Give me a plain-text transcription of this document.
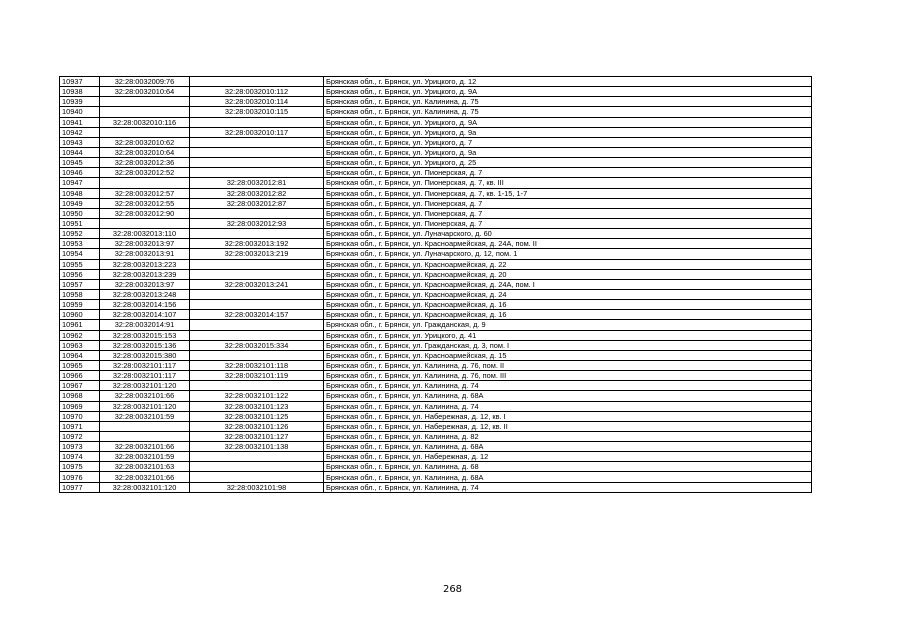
10937	32:28:0032009:76		Брянская обл., г. Брянск, ул. Урицкого, д. 12
10938	32:28:0032010:64	32:28:0032010:112	Брянская обл., г. Брянск, ул. Урицкого, д. 9А
10939		32:28:0032010:114	Брянская обл., г. Брянск, ул. Калинина, д. 75
10940		32:28:0032010:115	Брянская обл., г. Брянск, ул. Калинина, д. 75
10941	32:28:0032010:116		Брянская обл., г. Брянск, ул. Урицкого, д. 9А
10942		32:28:0032010:117	Брянская обл., г. Брянск, ул. Урицкого, д. 9а
10943	32:28:0032010:62		Брянская обл., г. Брянск, ул. Урицкого, д. 7
10944	32:28:0032010:64		Брянская обл., г. Брянск, ул. Урицкого, д. 9а
10945	32:28:0032012:36		Брянская обл., г. Брянск, ул. Урицкого, д. 25
10946	32:28:0032012:52		Брянская обл., г. Брянск, ул. Пионерская, д. 7
10947		32:28:0032012:81	Брянская обл., г. Брянск, ул. Пионерская, д. 7, кв. III
10948	32:28:0032012:57	32:28:0032012:82	Брянская обл., г. Брянск, ул. Пионерская, д. 7, кв. 1-15, 1-7
10949	32:28:0032012:55	32:28:0032012:87	Брянская обл., г. Брянск, ул. Пионерская, д. 7
10950	32:28:0032012:90		Брянская обл., г. Брянск, ул. Пионерская, д. 7
10951		32:28:0032012:93	Брянская обл., г. Брянск, ул. Пионерская, д. 7
10952	32:28:0032013:110		Брянская обл., г. Брянск, ул. Луначарского, д. 60
10953	32:28:0032013:97	32:28:0032013:192	Брянская обл., г. Брянск, ул. Красноармейская, д. 24А, пом. II
10954	32:28:0032013:91	32:28:0032013:219	Брянская обл., г. Брянск, ул. Луначарского, д. 12, пом. 1
10955	32:28:0032013:223		Брянская обл., г. Брянск, ул. Красноармейская, д. 22
10956	32:28:0032013:239		Брянская обл., г. Брянск, ул. Красноармейская, д. 20
10957	32:28:0032013:97	32:28:0032013:241	Брянская обл., г. Брянск, ул. Красноармейская, д. 24А, пом. I
10958	32:28:0032013:248		Брянская обл., г. Брянск, ул. Красноармейская, д. 24
10959	32:28:0032014:156		Брянская обл., г. Брянск, ул. Красноармейская, д. 16
10960	32:28:0032014:107	32:28:0032014:157	Брянская обл., г. Брянск, ул. Красноармейская, д. 16
10961	32:28:0032014:91		Брянская обл., г. Брянск, ул. Гражданская, д. 9
10962	32:28:0032015:153		Брянская обл., г. Брянск, ул. Урицкого, д. 41
10963	32:28:0032015:136	32:28:0032015:334	Брянская обл., г. Брянск, ул. Гражданская, д. 3, пом. I
10964	32:28:0032015:380		Брянская обл., г. Брянск, ул. Красноармейская, д. 15
10965	32:28:0032101:117	32:28:0032101:118	Брянская обл., г. Брянск, ул. Калинина, д. 76, пом. II
10966	32:28:0032101:117	32:28:0032101:119	Брянская обл., г. Брянск, ул. Калинина, д. 76, пом. III
10967	32:28:0032101:120		Брянская обл., г. Брянск, ул. Калинина, д. 74
10968	32:28:0032101:66	32:28:0032101:122	Брянская обл., г. Брянск, ул. Калинина, д. 68А
10969	32:28:0032101:120	32:28:0032101:123	Брянская обл., г. Брянск, ул. Калинина, д. 74
10970	32:28:0032101:59	32:28:0032101:125	Брянская обл., г. Брянск, ул. Набережная, д. 12, кв. I
10971		32:28:0032101:126	Брянская обл., г. Брянск, ул. Набережная, д. 12, кв. II
10972		32:28:0032101:127	Брянская обл., г. Брянск, ул. Калинина, д. 82
10973	32:28:0032101:66	32:28:0032101:138	Брянская обл., г. Брянск, ул. Калинина, д. 68А
10974	32:28:0032101:59		Брянская обл., г. Брянск, ул. Набережная, д. 12
10975	32:28:0032101:63		Брянская обл., г. Брянск, ул. Калинина, д. 68
10976	32:28:0032101:66		Брянская обл., г. Брянск, ул. Калинина, д. 68А
10977	32:28:0032101:120	32:28:0032101:98	Брянская обл., г. Брянск, ул. Калинина, д. 74
268
